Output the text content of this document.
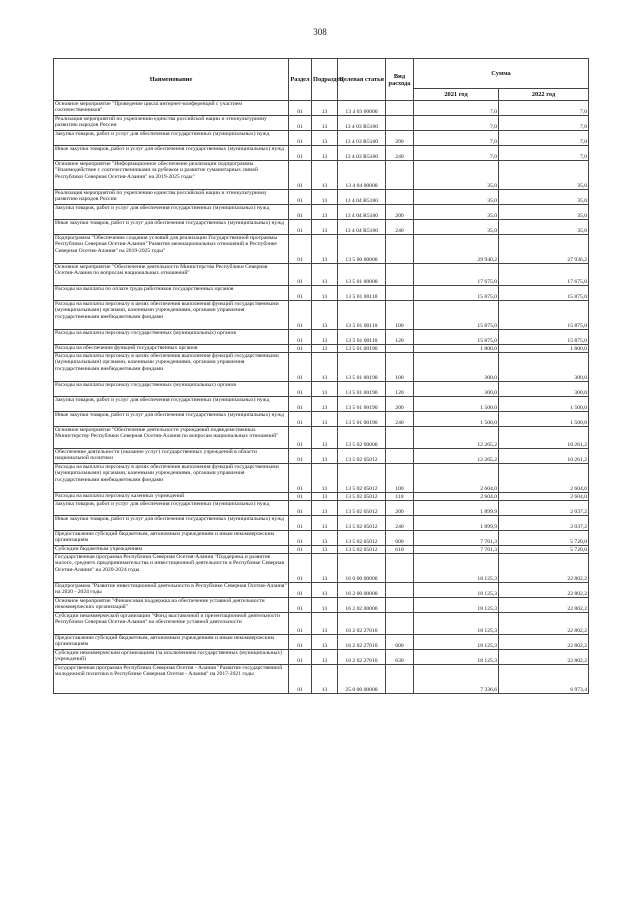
308
Наименование	Раздел	Подраздел	Целевая статья	Вид расхода	Сумма	
					2021 год	2022 год
Основное мероприятие "Проведение цикла интернет-конференций с участием соотечественников"	01	13	13 4 03 00000		7,0	7,0
Реализация мероприятий по укреплению единства российской нации и этнокультурному развитию народов России	01	13	13 4 03 R5160		7,0	7,0
Закупка товаров, работ и услуг для обеспечения государственных (муниципальных) нужд	01	13	13 4 03 R5160	200	7,0	7,0
Иные закупки товаров, работ и услуг для обеспечения государственных (муниципальных) нужд	01	13	13 4 03 R5160	240	7,0	7,0
Основное мероприятие "Информационное обеспечение реализации подпрограммы "Взаимодействие с соотечественниками за рубежом и развитие гуманитарных связей Республики Северная Осетия-Алания" на 2019-2025 годы"	01	13	13 4 04 00000		35,0	35,0
Реализация мероприятий по укреплению единства российской нации и этнокультурному развитию народов России	01	13	13 4 04 R5160		35,0	35,0
Закупка товаров, работ и услуг для обеспечения государственных (муниципальных) нужд	01	13	13 4 04 R5160	200	35,0	35,0
Иные закупки товаров, работ и услуг для обеспечения государственных (муниципальных) нужд	01	13	13 4 04 R5160	240	35,0	35,0
Подпрограмма "Обеспечение создания условий для реализации Государственной программы Республики Северная Осетия-Алания "Развитие межнациональных отношений в Республике Северная Осетия-Алания" на 2019-2025 годы"	01	13	13 5 00 00000		29 940,2	27 936,2
Основное мероприятие "Обеспечение деятельности Министерства Республики Северная Осетия-Алания по вопросам национальных отношений"	01	13	13 5 01 00000		17 675,0	17 675,0
Расходы на выплаты по оплате труда работников государственных органов	01	13	13 5 01 00110		15 875,0	15 875,0
Расходы на выплаты персоналу в целях обеспечения выполнения функций государственными (муниципальными) органами, казенными учреждениями, органами управления государственными внебюджетными фондами	01	13	13 5 01 00110	100	15 875,0	15 875,0
Расходы на выплаты персоналу государственных (муниципальных) органов	01	13	13 5 01 00110	120	15 875,0	15 875,0
Расходы на обеспечение функций государственных органов	01	13	13 5 01 00190		1 800,0	1 800,0
Расходы на выплаты персоналу в целях обеспечения выполнения функций государственными (муниципальными) органами, казенными учреждениями, органами управления государственными внебюджетными фондами	01	13	13 5 01 00190	100	300,0	300,0
Расходы на выплаты персоналу государственных (муниципальных) органов	01	13	13 5 01 00190	120	300,0	300,0
Закупка товаров, работ и услуг для обеспечения государственных (муниципальных) нужд	01	13	13 5 01 00190	200	1 500,0	1 500,0
Иные закупки товаров, работ и услуг для обеспечения государственных (муниципальных) нужд	01	13	13 5 01 00190	240	1 500,0	1 500,0
Основное мероприятие "Обеспечение деятельности учреждений подведомственных Министерству Республики Северная Осетия-Алания по вопросам национальных отношений"	01	13	13 5 02 00000		12 265,2	10 261,2
Обеспечение деятельности (оказание услуг) государственных учреждений в области национальной политики	01	13	13 5 02 05012		12 265,2	10 261,2
Расходы на выплаты персоналу в целях обеспечения выполнения функций государственными (муниципальными) органами, казенными учреждениями, органами управления государственными внебюджетными фондами	01	13	13 5 02 05012	100	2 604,0	2 604,0
Расходы на выплаты персоналу казенных учреждений	01	13	13 5 02 05012	110	2 604,0	2 604,0
Закупка товаров, работ и услуг для обеспечения государственных (муниципальных) нужд	01	13	13 5 02 05012	200	1 899,9	2 037,2
Иные закупки товаров, работ и услуг для обеспечения государственных (муниципальных) нужд	01	13	13 5 02 05012	240	1 899,9	2 037,2
Предоставление субсидий бюджетным, автономным учреждениям и иным некоммерческим организациям	01	13	13 5 02 05012	600	7 761,3	5 720,0
Субсидии бюджетным учреждениям	01	13	13 5 02 05012	610	7 761,3	5 720,0
Государственная программа Республики Северная Осетия-Алания "Поддержка и развитие малого, среднего предпринимательства и инвестиционной деятельности в Республике Северная Осетия-Алания" на 2020-2024 годы	01	13	16 0 00 00000		18 125,3	22 802,2
Подпрограмма "Развитие инвестиционной деятельности в Республике Северная Осетия-Алания" на 2020 - 2024 годы	01	13	16 2 00 00000		18 125,3	22 802,2
Основное мероприятие "Финансовая поддержка на обеспечение уставной деятельности некоммерческих организаций"	01	13	16 2 02 00000		18 125,3	22 802,2
Субсидии некоммерческой организации "Фонд выставочной и презентационной деятельности Республики Северная Осетия-Алания" на обеспечение уставной деятельности	01	13	16 2 02 27010		18 125,3	22 802,2
Предоставление субсидий бюджетным, автономным учреждениям и иным некоммерческим организациям	01	13	16 2 02 27010	600	18 125,3	22 802,2
Субсидии некоммерческим организациям (за исключением государственных (муниципальных) учреждений)	01	13	16 2 02 27010	630	18 125,3	22 802,2
Государственная программа Республики Северная Осетия - Алания "Развитие государственной молодежной политики в Республике Северная Осетия - Алания" на 2017-2021 годы	01	13	25 0 00 00000		7 336,6	6 973,4
